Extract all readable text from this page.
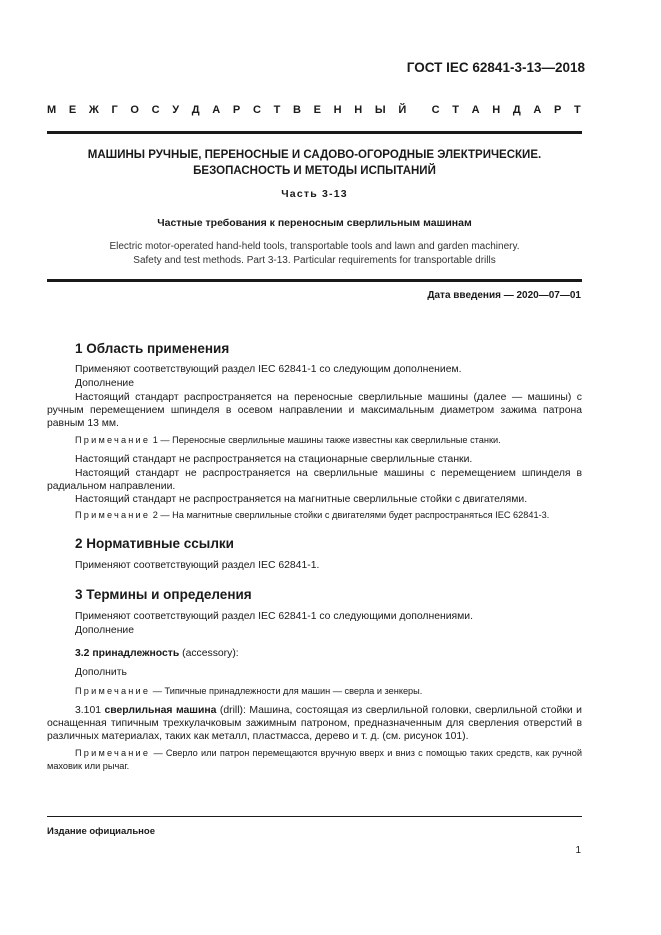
ГОСТ IEC 62841-3-13—2018
М Е Ж Г О С У Д А Р С Т В Е Н Н Ы Й С Т А Н Д А Р Т
МАШИНЫ РУЧНЫЕ, ПЕРЕНОСНЫЕ И САДОВО-ОГОРОДНЫЕ ЭЛЕКТРИЧЕСКИЕ.
БЕЗОПАСНОСТЬ И МЕТОДЫ ИСПЫТАНИЙ
Часть 3-13
Частные требования к переносным сверлильным машинам
Electric motor-operated hand-held tools, transportable tools and lawn and garden machinery.
Safety and test methods. Part 3-13. Particular requirements for transportable drills
Дата введения — 2020—07—01
1 Область применения
Применяют соответствующий раздел IEC 62841-1 со следующим дополнением.
Дополнение
Настоящий стандарт распространяется на переносные сверлильные машины (далее — машины) с ручным перемещением шпинделя в осевом направлении и максимальным диаметром зажима патрона равным 13 мм.
Примечание 1 — Переносные сверлильные машины также известны как сверлильные станки.
Настоящий стандарт не распространяется на стационарные сверлильные станки.
Настоящий стандарт не распространяется на сверлильные машины с перемещением шпинделя в радиальном направлении.
Настоящий стандарт не распространяется на магнитные сверлильные стойки с двигателями.
Примечание 2 — На магнитные сверлильные стойки с двигателями будет распространяться IEC 62841-3.
2 Нормативные ссылки
Применяют соответствующий раздел IEC 62841-1.
3 Термины и определения
Применяют соответствующий раздел IEC 62841-1 со следующими дополнениями.
Дополнение
3.2 принадлежность (accessory):
Дополнить
Примечание — Типичные принадлежности для машин — сверла и зенкеры.
3.101 сверлильная машина (drill): Машина, состоящая из сверлильной головки, сверлильной стойки и оснащенная типичным трехкулачковым зажимным патроном, предназначенным для сверления отверстий в различных материалах, таких как металл, пластмасса, дерево и т. д. (см. рисунок 101).
Примечание — Сверло или патрон перемещаются вручную вверх и вниз с помощью таких средств, как ручной маховик или рычаг.
Издание официальное
1
